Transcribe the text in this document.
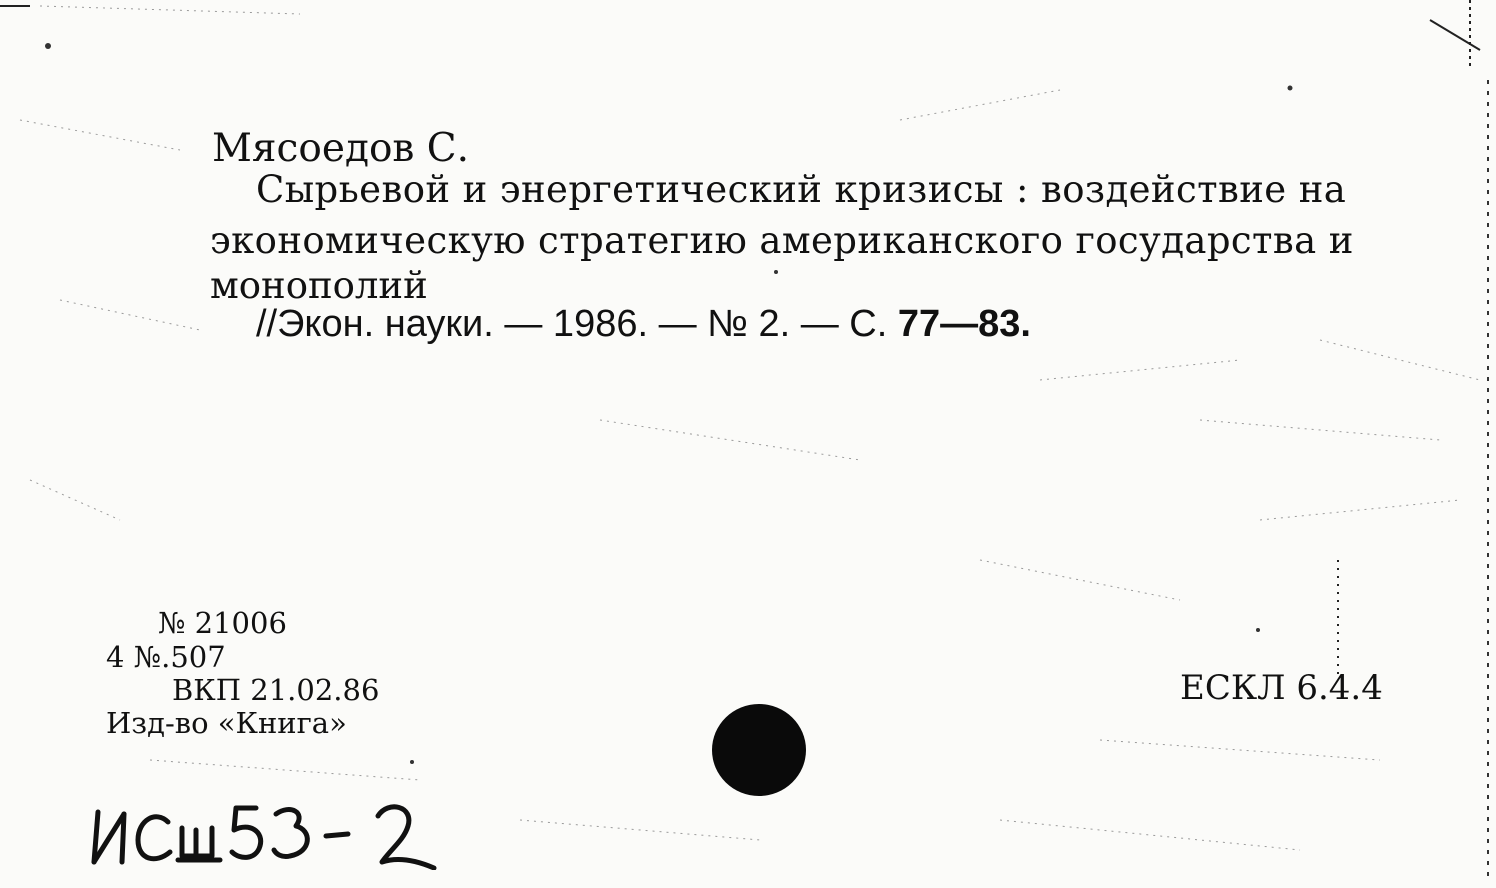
Мясоедов С.
Сырьевой и энергетический кризисы : воздействие на
экономическую стратегию американского государства и
монополий
//Экон. науки. — 1986. — № 2. — С. 77—83.
№ 21006
4 №.507
ВКП 21.02.86
Изд-во «Книга»
ЕСКЛ 6.4.4
